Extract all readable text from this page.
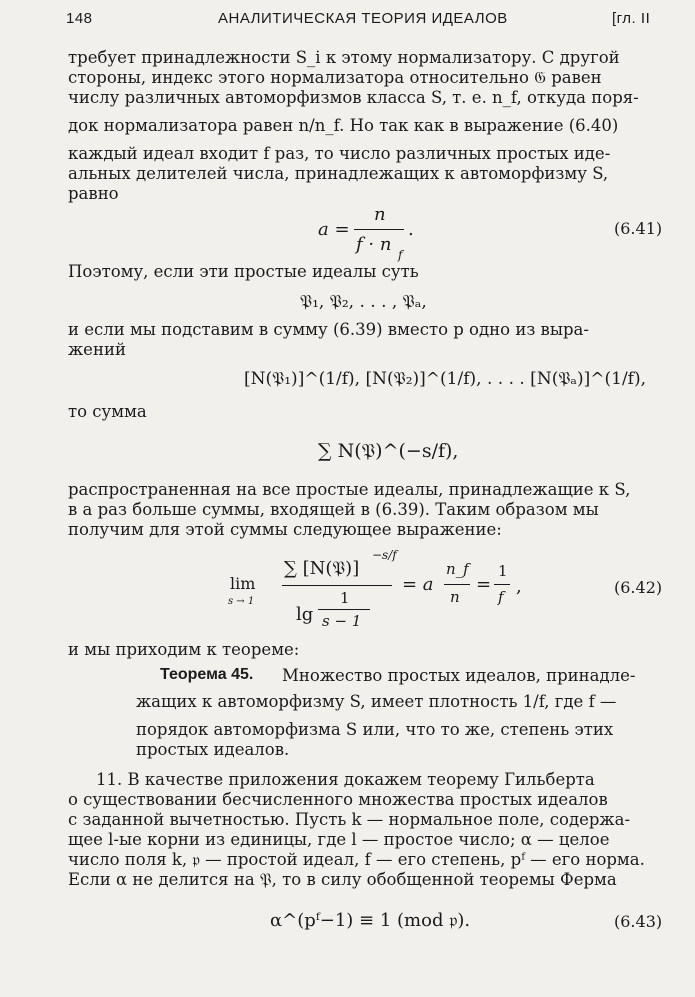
148	АНАЛИТИЧЕСКАЯ ТЕОРИЯ ИДЕАЛОВ	[гл. II
требует принадлежности S_i к этому нормализатору. С другой
стороны, индекс этого нормализатора относительно 𝔊 равен
числу различных автоморфизмов класса S, т. е. n_f, откуда поря-
док нормализатора равен n/n_f. Но так как в выражение (6.40)
каждый идеал входит f раз, то число различных простых иде-
альных делителей числа, принадлежащих к автоморфизму S,
равно
a =
n
f · n f
.	(6.41)
Поэтому, если эти простые идеалы суть
𝔓₁, 𝔓₂, . . . , 𝔓ₐ,
и если мы подставим в сумму (6.39) вместо p одно из выра-
жений
[N(𝔓₁)]^(1/f), [N(𝔓₂)]^(1/f), . . . . [N(𝔓ₐ)]^(1/f),
то сумма
∑ N(𝔓)^(−s/f),
распространенная на все простые идеалы, принадлежащие к S,
в a раз больше суммы, входящей в (6.39). Таким образом мы
получим для этой суммы следующее выражение:
lim
s → 1
∑ [N(𝔓)]
−s/f
lg
1
s − 1
= a
n_f
n
=
1
f ,	(6.42)
и мы приходим к теореме:
Теорема 45. Множество простых идеалов, принадле-
жащих к автоморфизму S, имеет плотность 1/f, где f —
порядок автоморфизма S или, что то же, степень этих
простых идеалов.
11. В качестве приложения докажем теорему Гильберта
о существовании бесчисленного множества простых идеалов
с заданной вычетностью. Пусть k — нормальное поле, содержа-
щее l-ые корни из единицы, где l — простое число; α — целое
число поля k, 𝔭 — простой идеал, f — его степень, pᶠ — его норма.
Если α не делится на 𝔓, то в силу обобщенной теоремы Ферма
α^(pᶠ−1) ≡ 1 (mod 𝔭).	(6.43)
